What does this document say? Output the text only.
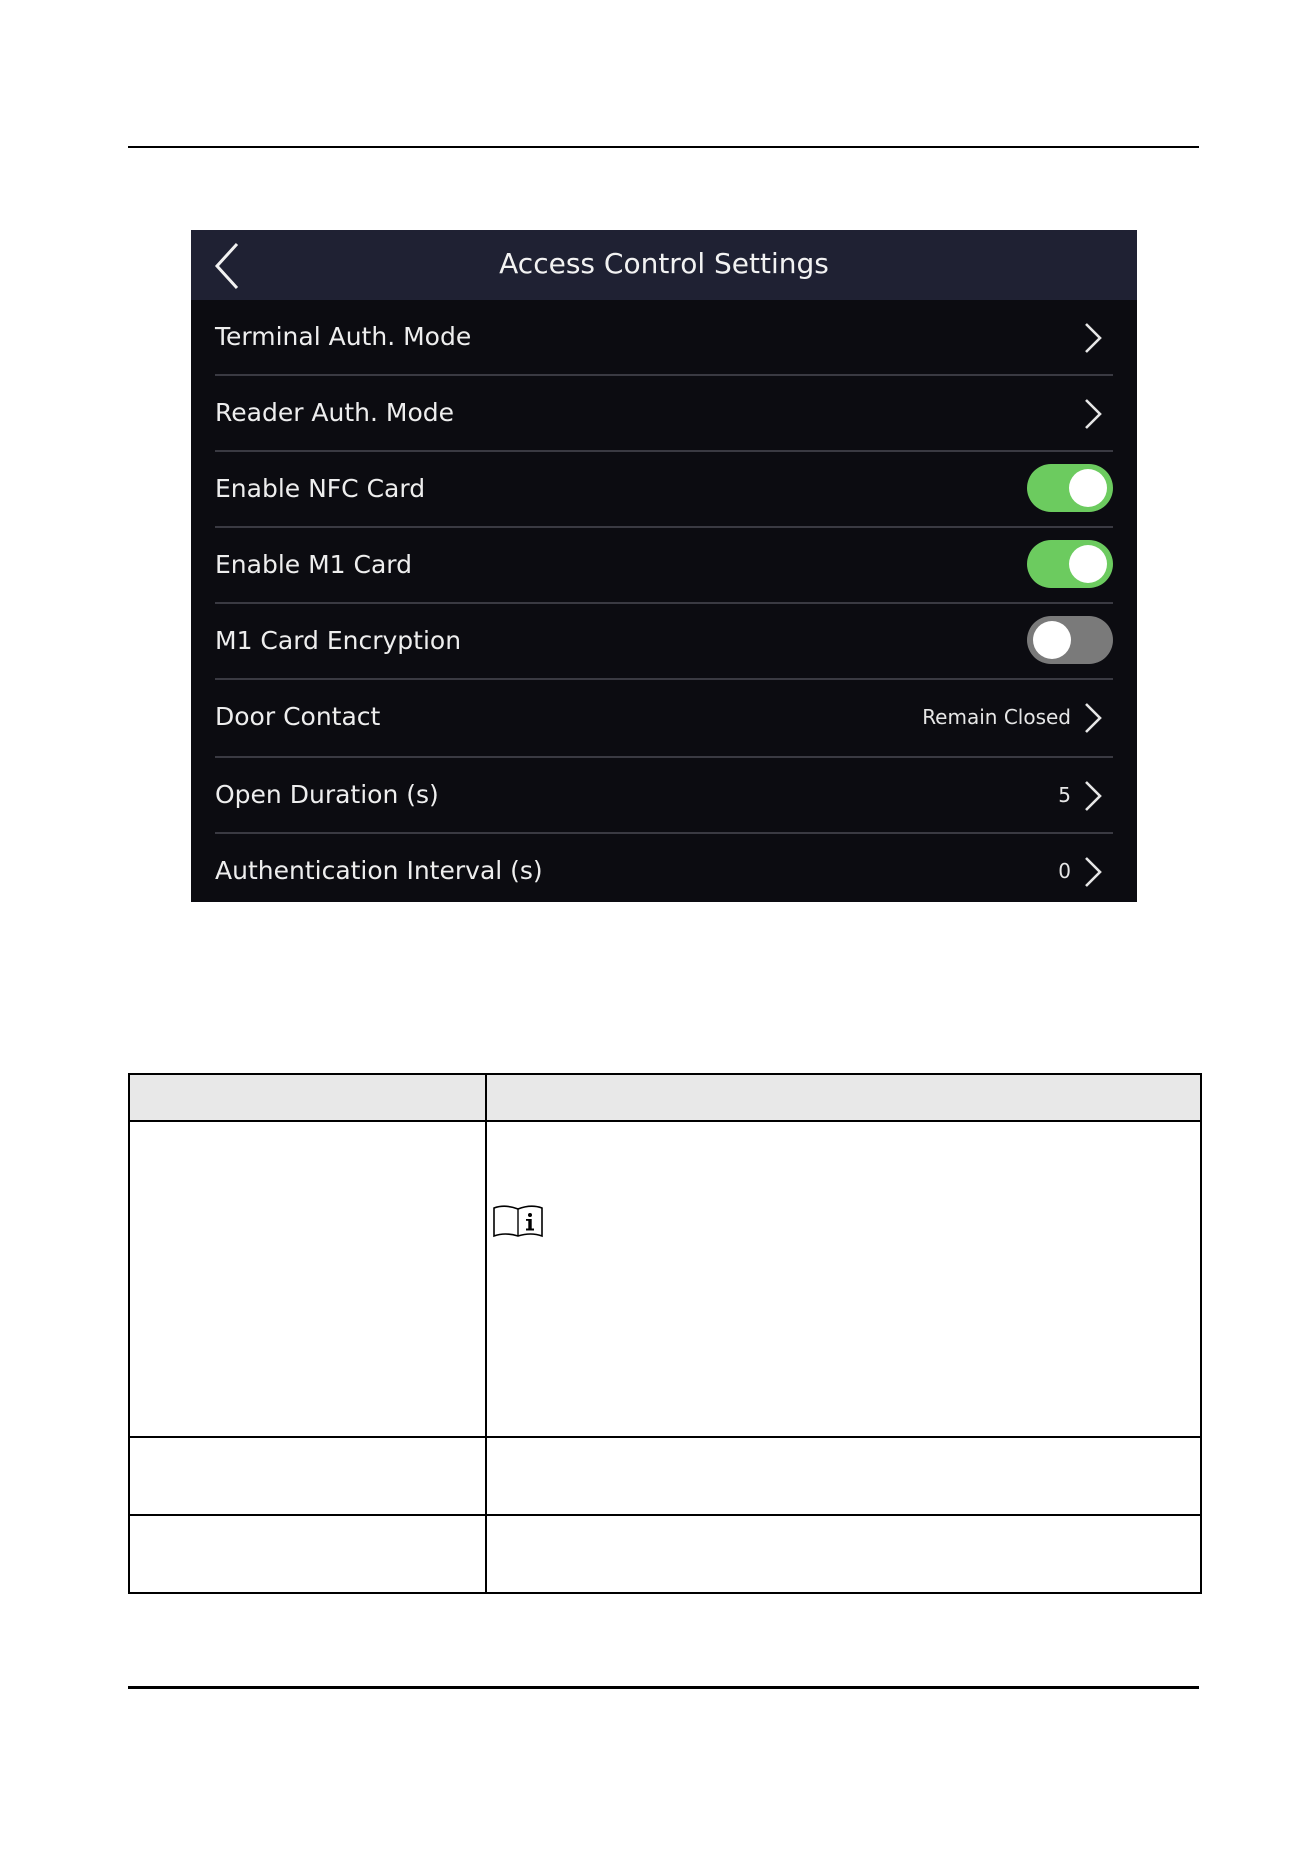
Access Control Settings
Terminal Auth. Mode
Reader Auth. Mode
Enable NFC Card
Enable M1 Card
M1 Card Encryption
Door Contact	Remain Closed
Open Duration (s)	5
Authentication Interval (s)	0
